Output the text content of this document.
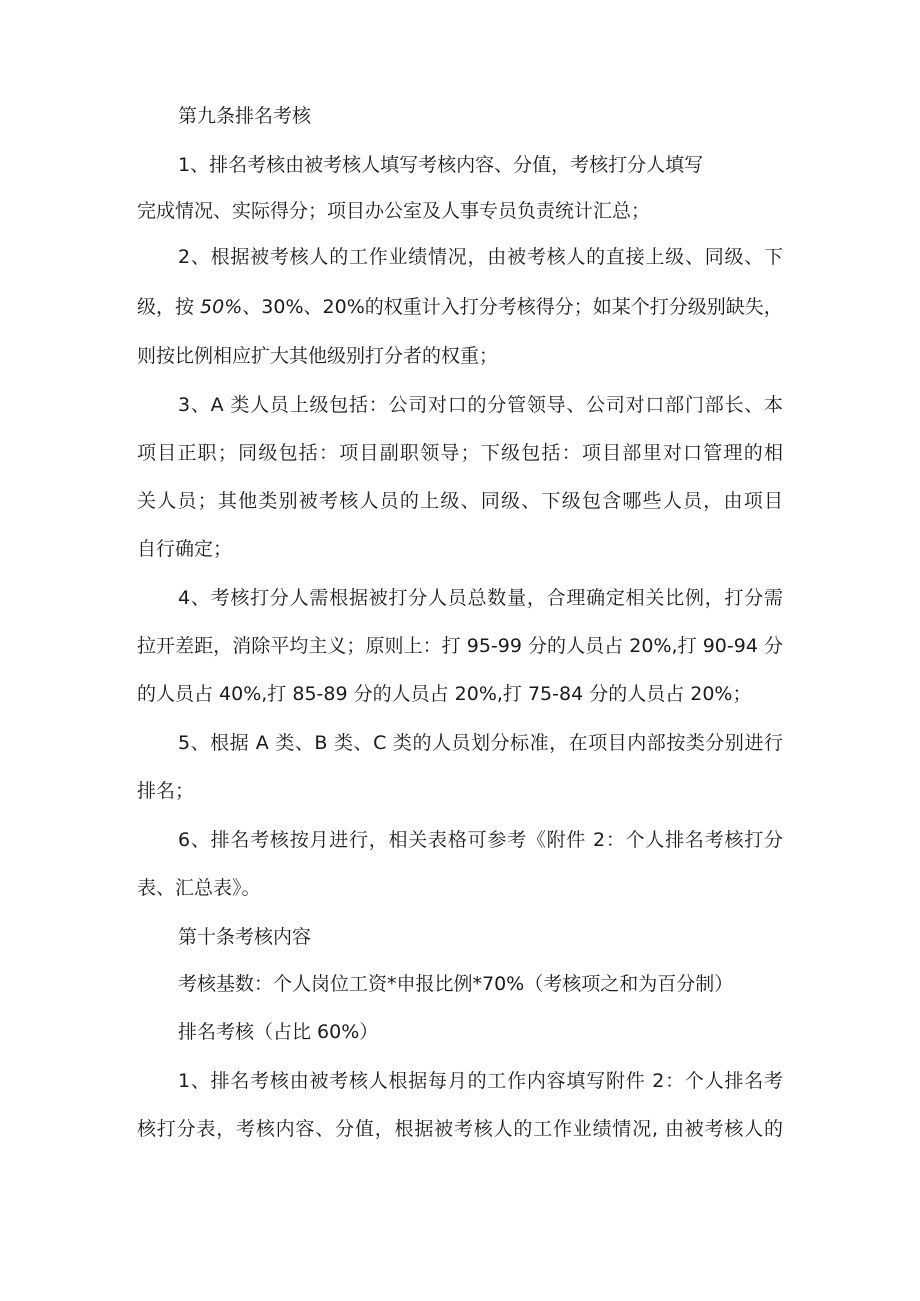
第九条排名考核

1、排名考核由被考核人填写考核内容、分值，考核打分人填写

完成情况、实际得分；项目办公室及人事专员负责统计汇总；

2、根据被考核人的工作业绩情况，由被考核人的直接上级、同级、下

级，按 50%、30%、20%的权重计入打分考核得分；如某个打分级别缺失，

则按比例相应扩大其他级别打分者的权重；

3、A 类人员上级包括：公司对口的分管领导、公司对口部门部长、本

项目正职；同级包括：项目副职领导；下级包括：项目部里对口管理的相

关人员；其他类别被考核人员的上级、同级、下级包含哪些人员，由项目

自行确定；

4、考核打分人需根据被打分人员总数量，合理确定相关比例，打分需

拉开差距，消除平均主义；原则上：打 95-99 分的人员占 20%,打 90-94 分

的人员占 40%,打 85-89 分的人员占 20%,打 75-84 分的人员占 20%；

5、根据 A 类、B 类、C 类的人员划分标准，在项目内部按类分别进行

排名；

6、排名考核按月进行，相关表格可参考《附件 2：个人排名考核打分

表、汇总表》。

第十条考核内容

考核基数：个人岗位工资*申报比例*70%（考核项之和为百分制）

排名考核（占比 60%）

1、排名考核由被考核人根据每月的工作内容填写附件 2：个人排名考

核打分表，考核内容、分值，根据被考核人的工作业绩情况, 由被考核人的
